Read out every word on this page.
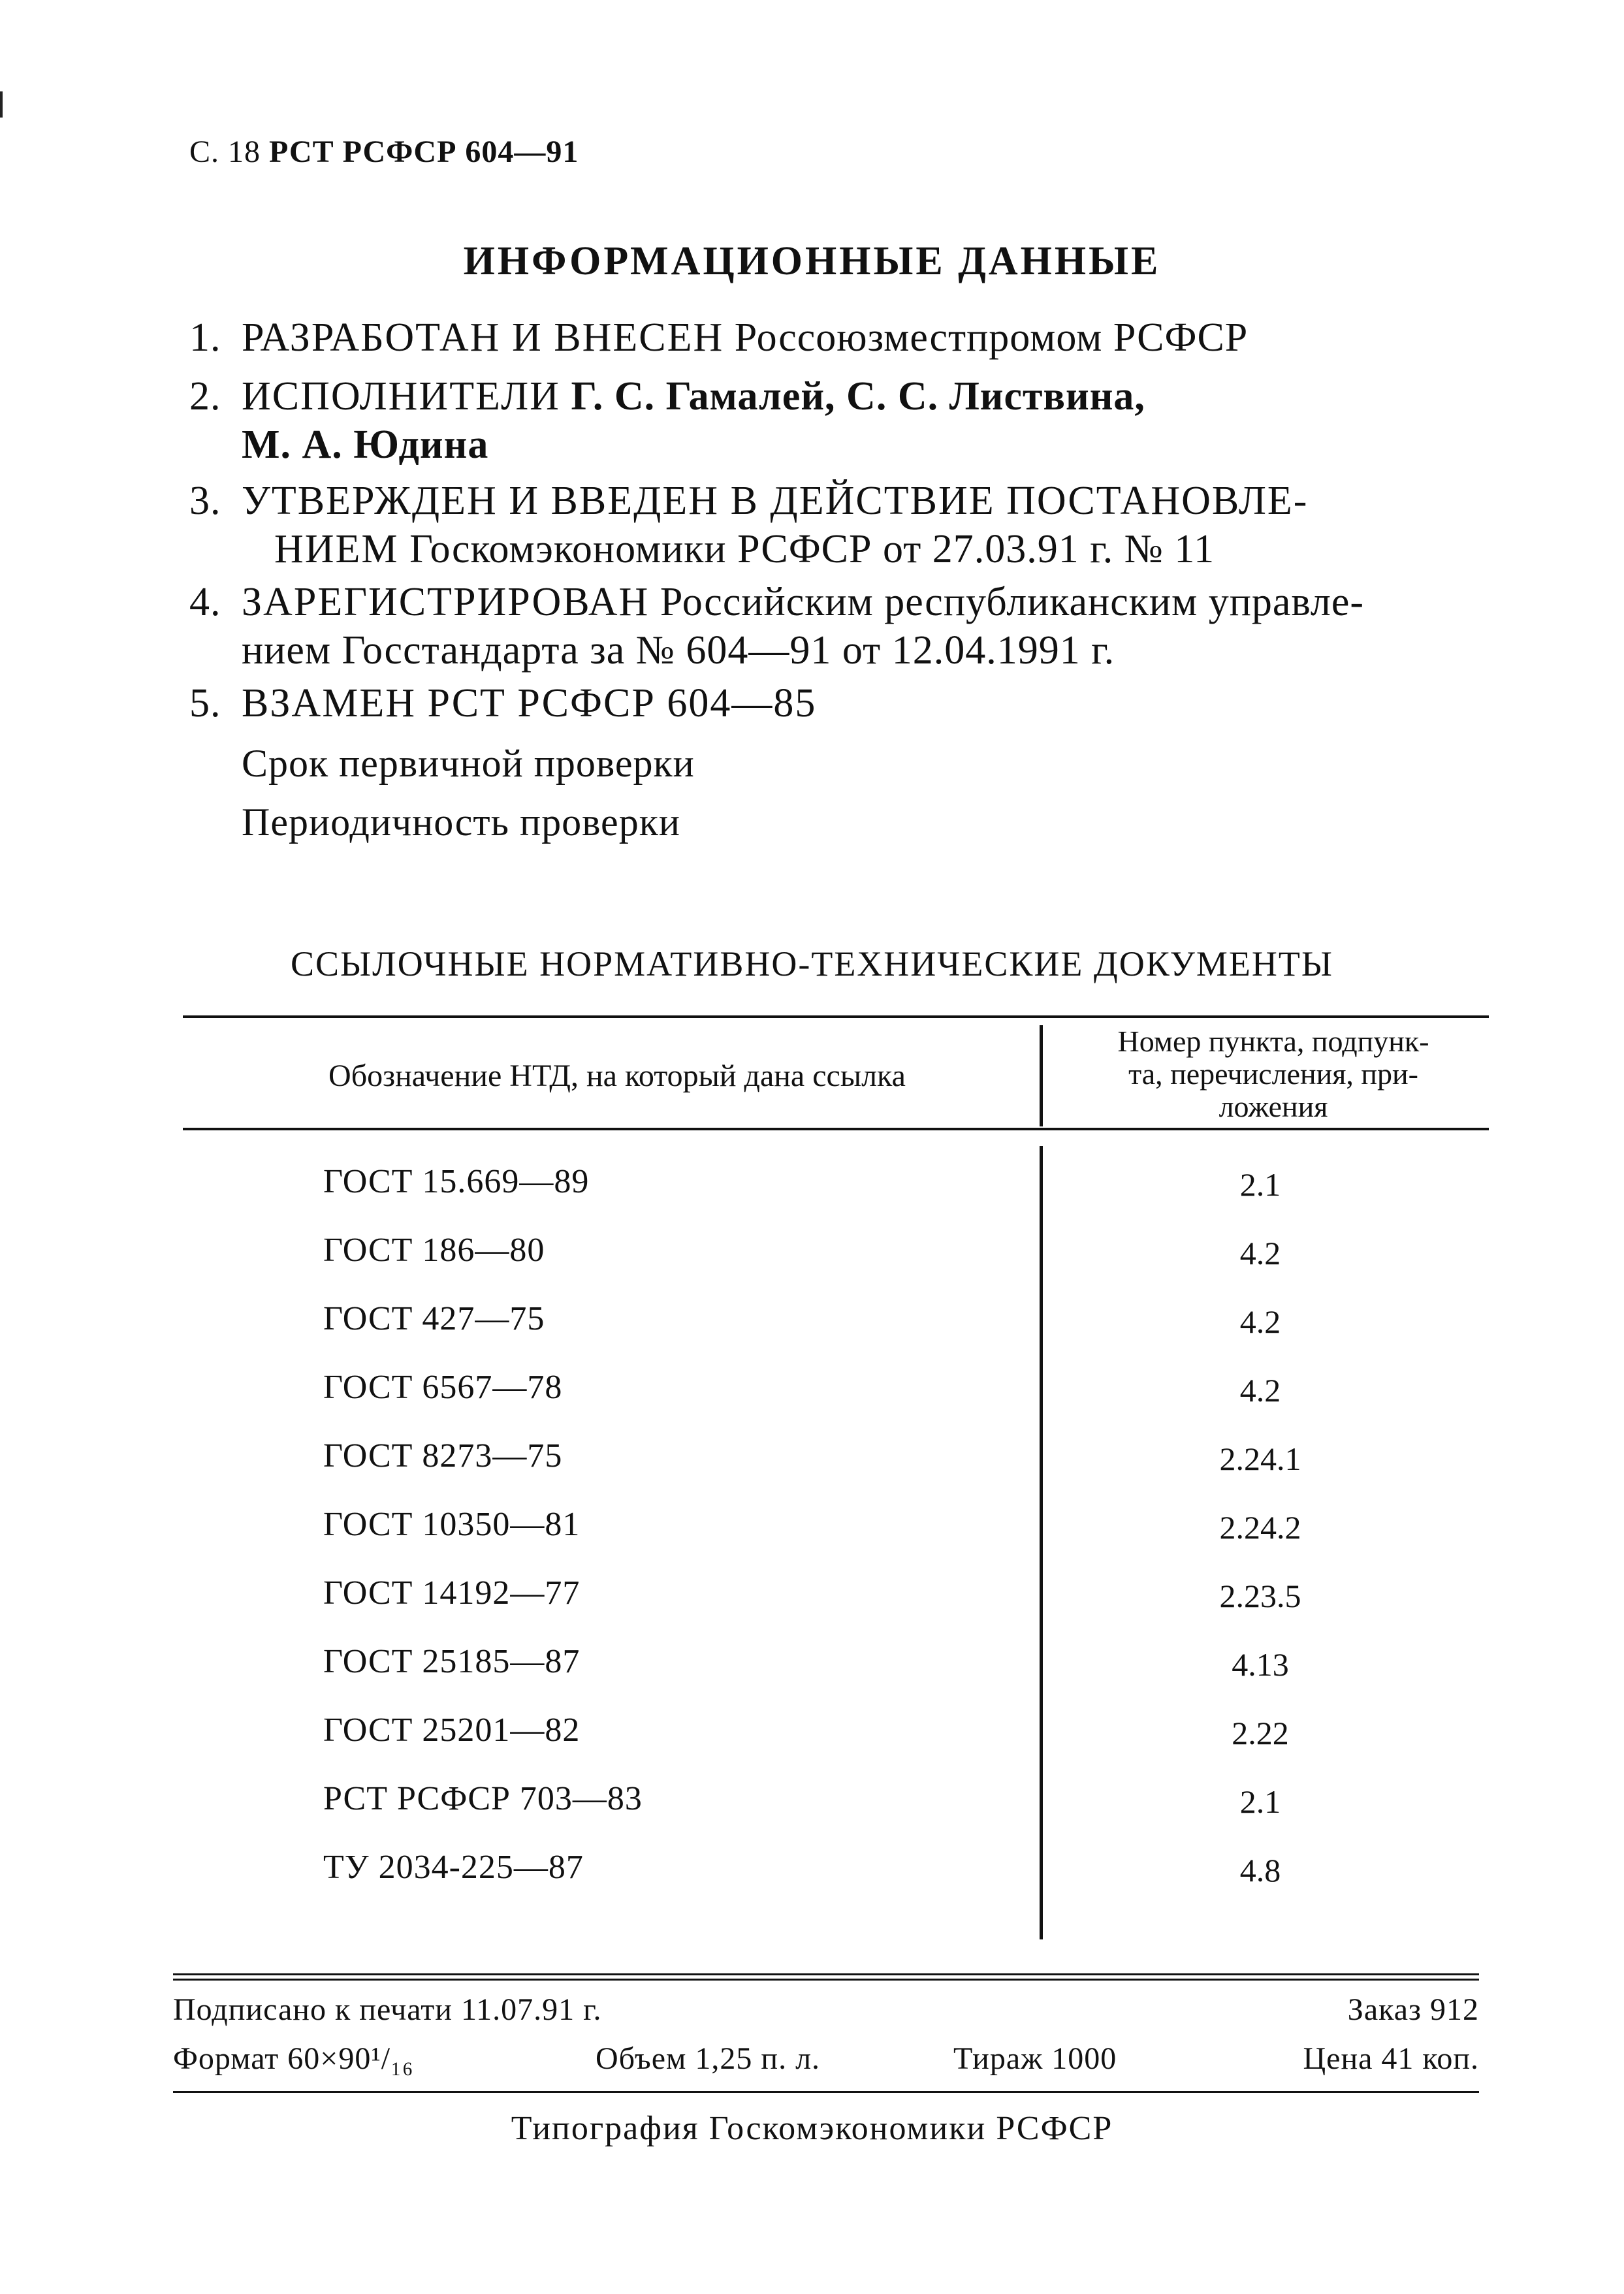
С. 18 РСТ РСФСР 604—91
ИНФОРМАЦИОННЫЕ ДАННЫЕ
1. РАЗРАБОТАН И ВНЕСЕН Россоюзместпромом РСФСР
2. ИСПОЛНИТЕЛИ Г. С. Гамалей, С. С. Листвина,
М. А. Юдина
3. УТВЕРЖДЕН И ВВЕДЕН В ДЕЙСТВИЕ ПОСТАНОВЛЕ-
НИЕМ Госкомэкономики РСФСР от 27.03.91 г. № 11
4. ЗАРЕГИСТРИРОВАН Российским республиканским управле-
нием Госстандарта за № 604—91 от 12.04.1991 г.
5. ВЗАМЕН РСТ РСФСР 604—85
Срок первичной проверки
Периодичность проверки
ССЫЛОЧНЫЕ НОРМАТИВНО-ТЕХНИЧЕСКИЕ ДОКУМЕНТЫ
Обозначение НТД, на который дана ссылка
Номер пункта, подпунк-
та, перечисления, при-
ложения
ГОСТ 15.669—89	2.1
ГОСТ 186—80	4.2
ГОСТ 427—75	4.2
ГОСТ 6567—78	4.2
ГОСТ 8273—75	2.24.1
ГОСТ 10350—81	2.24.2
ГОСТ 14192—77	2.23.5
ГОСТ 25185—87	4.13
ГОСТ 25201—82	2.22
РСТ РСФСР 703—83	2.1
ТУ 2034-225—87	4.8
Подписано к печати 11.07.91 г.	Заказ 912
Формат 60×90¹/₁₆	Объем 1,25 п. л.	Тираж 1000	Цена 41 коп.
Типография Госкомэкономики РСФСР
